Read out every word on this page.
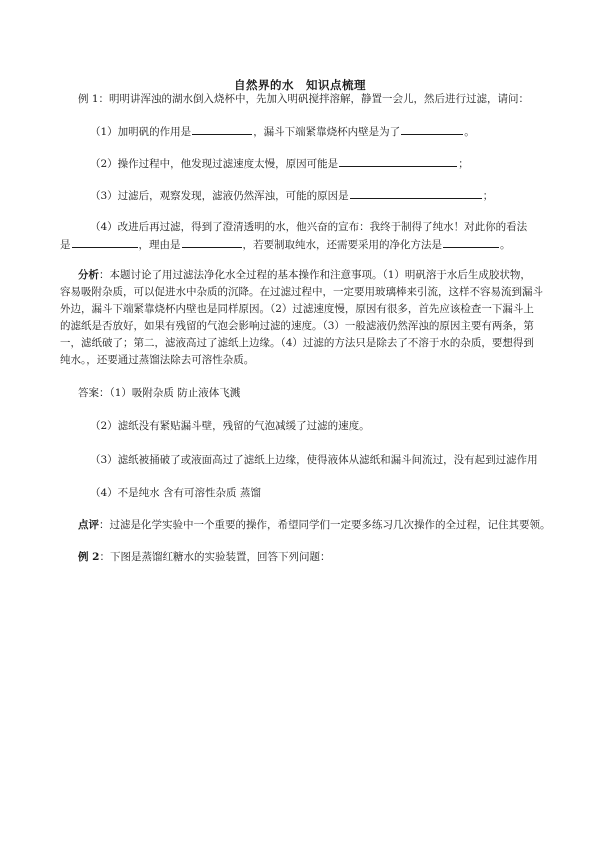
自然界的水　知识点梳理
例 1：明明讲浑浊的湖水倒入烧杯中，先加入明矾搅拌溶解，静置一会儿，然后进行过滤，请问：
（1）加明矾的作用是	，漏斗下端紧靠烧杯内壁是为了	。
（2）操作过程中，他发现过滤速度太慢，原因可能是	；
（3）过滤后，观察发现，滤液仍然浑浊，可能的原因是	；
（4）改进后再过滤，得到了澄清透明的水，他兴奋的宣布：我终于制得了纯水！对此你的看法
是	，理由是	，若要制取纯水，还需要采用的净化方法是	。
分析：本题讨论了用过滤法净化水全过程的基本操作和注意事项。（1）明矾溶于水后生成胶状物，
容易吸附杂质，可以促进水中杂质的沉降。在过滤过程中，一定要用玻璃棒来引流，这样不容易流到漏斗
外边，漏斗下端紧靠烧杯内壁也是同样原因。（2）过滤速度慢，原因有很多，首先应该检查一下漏斗上
的滤纸是否放好，如果有残留的气泡会影响过滤的速度。（3）一般滤液仍然浑浊的原因主要有两条，第
一，滤纸破了；第二，滤液高过了滤纸上边缘。（4）过滤的方法只是除去了不溶于水的杂质，要想得到
纯水。，还要通过蒸馏法除去可溶性杂质。
答案：（1）吸附杂质 防止液体飞溅
（2）滤纸没有紧贴漏斗壁，残留的气泡减缓了过滤的速度。
（3）滤纸被捅破了或液面高过了滤纸上边缘，使得液体从滤纸和漏斗间流过，没有起到过滤作用
（4）不是纯水 含有可溶性杂质 蒸馏
点评：过滤是化学实验中一个重要的操作，希望同学们一定要多练习几次操作的全过程，记住其要领。
例 2：下图是蒸馏红糖水的实验装置，回答下列问题：
